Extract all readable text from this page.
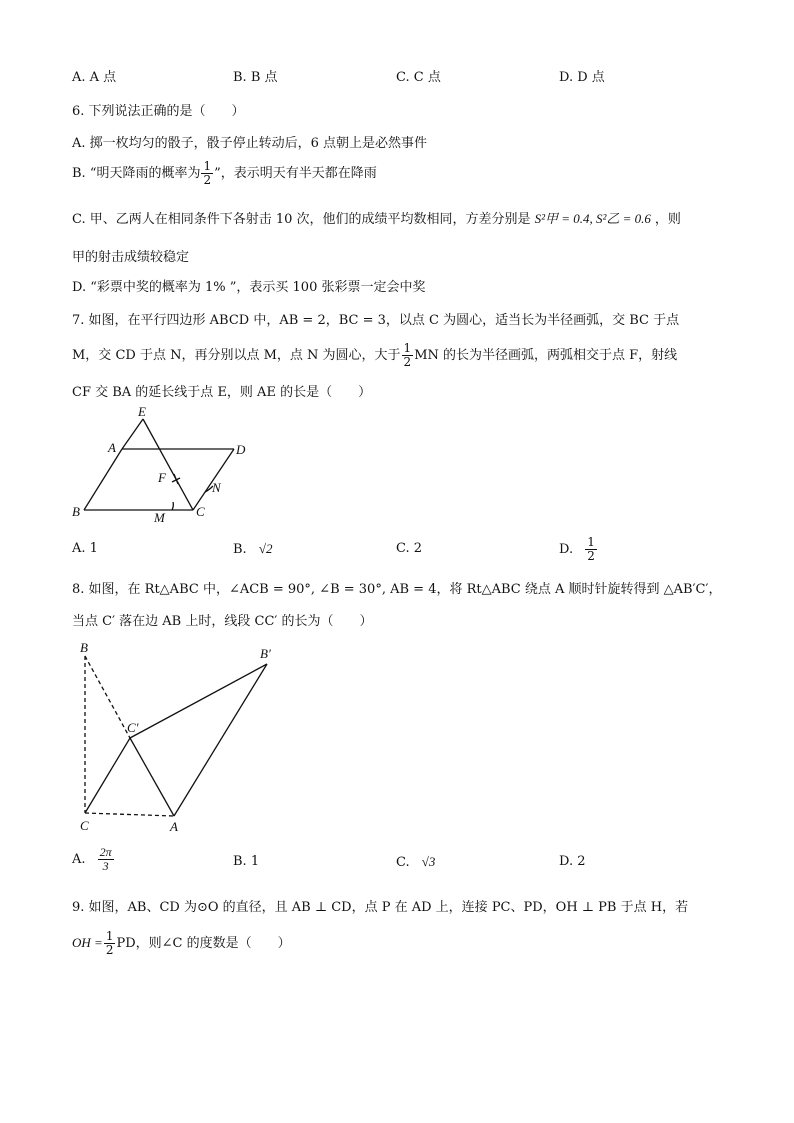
A. A 点	B. B 点	C. C 点	D. D 点
6. 下列说法正确的是（　　）
A. 掷一枚均匀的骰子，骰子停止转动后，6 点朝上是必然事件
B. “明天降雨的概率为 $\frac{1}{2}$ ”，表示明天有半天都在降雨
C. 甲、乙两人在相同条件下各射击 10 次，他们的成绩平均数相同，方差分别是 S²甲 = 0.4, S²乙 = 0.6 ，则
甲的射击成绩较稳定
D. “彩票中奖的概率为 1% ”，表示买 100 张彩票一定会中奖
7. 如图，在平行四边形 ABCD 中，AB = 2，BC = 3，以点 C 为圆心，适当长为半径画弧，交 BC 于点
M，交 CD 于点 N，再分别以点 M，点 N 为圆心，大于 $\frac{1}{2}$ MN 的长为半径画弧，两弧相交于点 F，射线
CF 交 BA 的延长线于点 E，则 AE 的长是（　　）
E
A	D
F
N
B	M C
A. 1	B. √2	C. 2	D. $\frac{1}{2}$
8. 如图，在 Rt△ABC 中，∠ACB = 90°, ∠B = 30°, AB = 4，将 Rt△ABC 绕点 A 顺时针旋转得到 △AB′C′，
当点 C′ 落在边 AB 上时，线段 CC′ 的长为（　　）
B	B′
C′
C	A
A. $\frac{2\pi}{3}$	B. 1	C. √3	D. 2
9. 如图，AB、CD 为⊙O 的直径，且 AB ⊥ CD，点 P 在 AD 上，连接 PC、PD，OH ⊥ PB 于点 H，若
OH = $\frac{1}{2}$ PD，则∠C 的度数是（　　）
